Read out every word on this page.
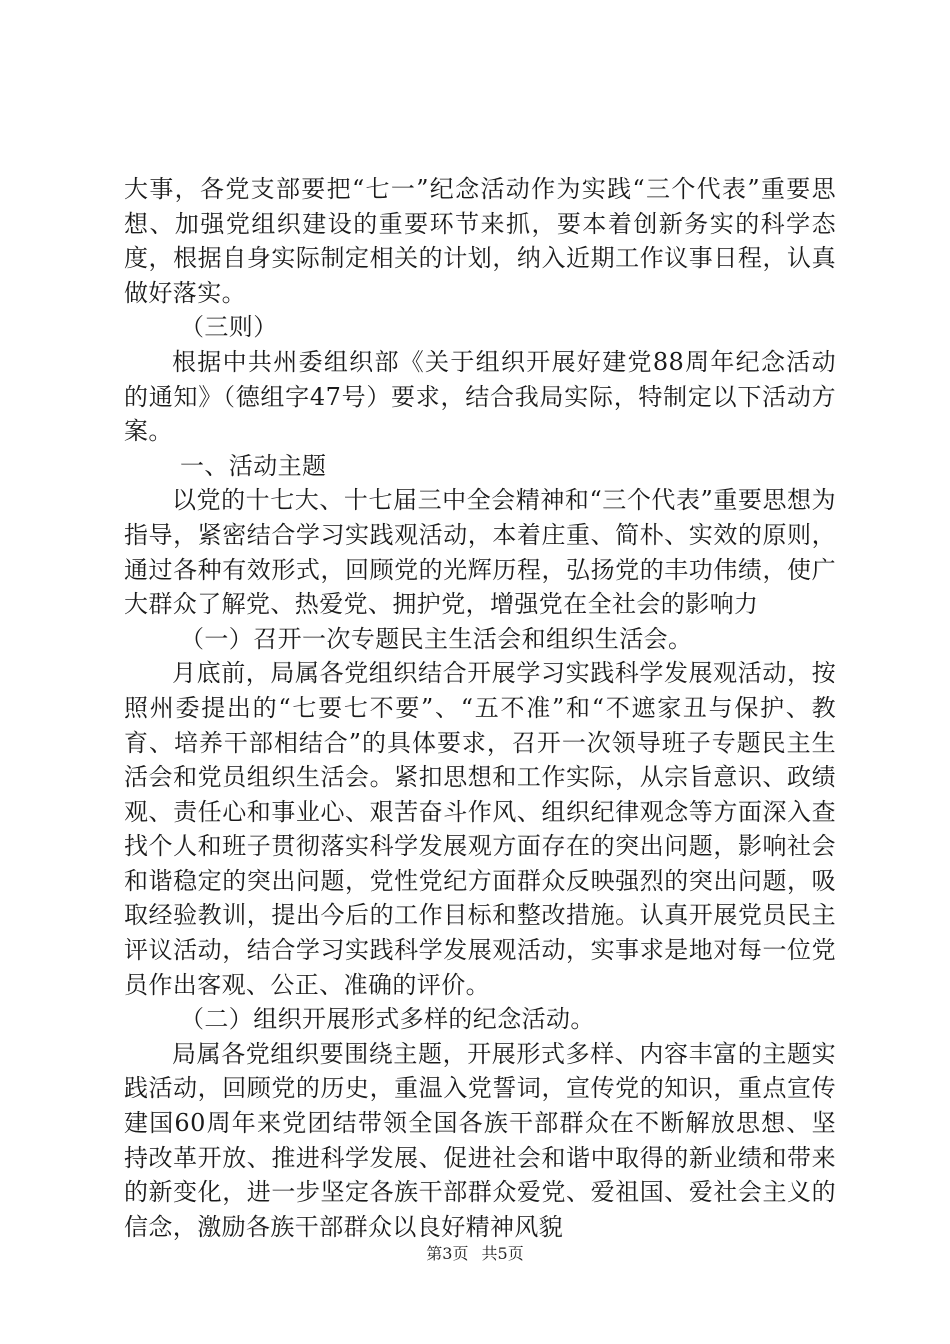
大事，各党支部要把“七一”纪念活动作为实践“三个代表”重要思想、加强党组织建设的重要环节来抓，要本着创新务实的科学态度，根据自身实际制定相关的计划，纳入近期工作议事日程，认真做好落实。

（三则）

根据中共州委组织部《关于组织开展好建党88周年纪念活动的通知》（德组字47号）要求，结合我局实际，特制定以下活动方案。

一、活动主题

以党的十七大、十七届三中全会精神和“三个代表”重要思想为指导，紧密结合学习实践观活动，本着庄重、简朴、实效的原则，通过各种有效形式，回顾党的光辉历程，弘扬党的丰功伟绩，使广大群众了解党、热爱党、拥护党，增强党在全社会的影响力

（一）召开一次专题民主生活会和组织生活会。

月底前，局属各党组织结合开展学习实践科学发展观活动，按照州委提出的“七要七不要”、“五不准”和“不遮家丑与保护、教育、培养干部相结合”的具体要求，召开一次领导班子专题民主生活会和党员组织生活会。紧扣思想和工作实际，从宗旨意识、政绩观、责任心和事业心、艰苦奋斗作风、组织纪律观念等方面深入查找个人和班子贯彻落实科学发展观方面存在的突出问题，影响社会和谐稳定的突出问题，党性党纪方面群众反映强烈的突出问题，吸取经验教训，提出今后的工作目标和整改措施。认真开展党员民主评议活动，结合学习实践科学发展观活动，实事求是地对每一位党员作出客观、公正、准确的评价。

（二）组织开展形式多样的纪念活动。

局属各党组织要围绕主题，开展形式多样、内容丰富的主题实践活动，回顾党的历史，重温入党誓词，宣传党的知识，重点宣传建国60周年来党团结带领全国各族干部群众在不断解放思想、坚持改革开放、推进科学发展、促进社会和谐中取得的新业绩和带来的新变化，进一步坚定各族干部群众爱党、爱祖国、爱社会主义的信念，激励各族干部群众以良好精神风貌

第3页 共5页
